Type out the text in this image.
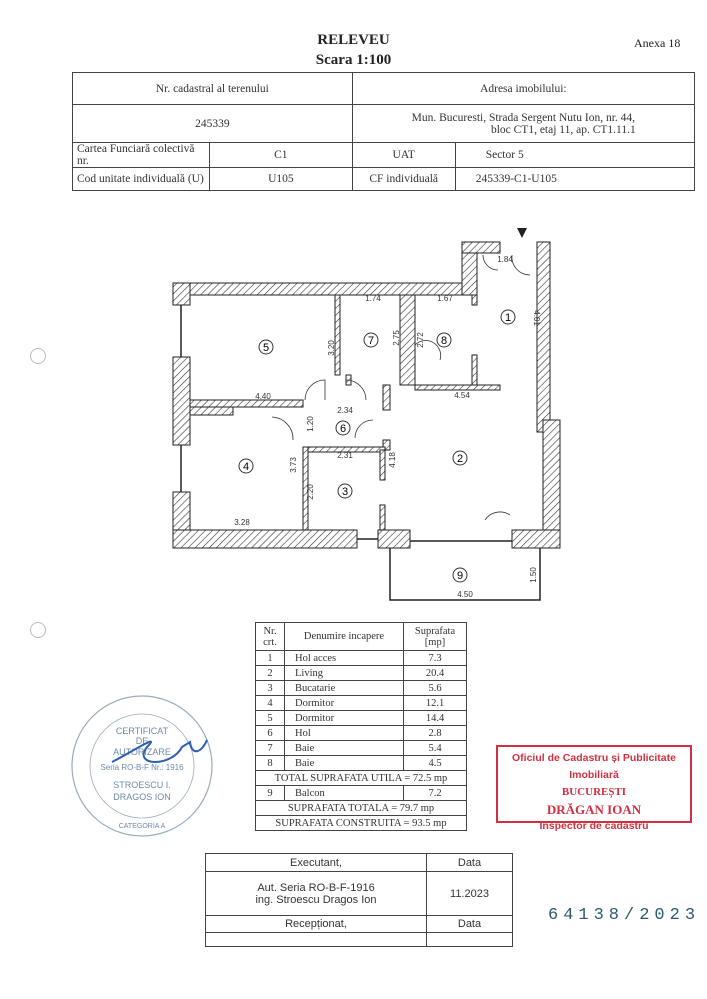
RELEVEU
Scara 1:100
Anexa 18
Nr. cadastral al terenului		Adresa imobilului:	
245339		Mun. Bucuresti, Strada Sergent Nutu Ion, nr. 44,
bloc CT1, etaj 11, ap. CT1.11.1	

Cartea Funciară colectivă nr.	C1	UAT	Sector 5
Cod unitate individuală (U)	U105	CF individuală	245339-C1-U105
1
2
3
4
5
6
7	8
9
1.84
4.01
1.74	1.67
3.20
2.75 2.72
4.40	4.54
2.34
1.20
2.31
3.73
2.20
4.18
3.28
1.50
4.50
Nr. crt.	Denumire incapere	Suprafata [mp]
1	Hol acces	7.3
2	Living	20.4
3	Bucatarie	5.6
4	Dormitor	12.1
5	Dormitor	14.4
6	Hol	2.8
7	Baie	5.4
8	Baie	4.5
TOTAL SUPRAFATA UTILA = 72.5 mp		
9	Balcon	7.2
SUPRAFATA TOTALA = 79.7 mp		
SUPRAFATA CONSTRUITA = 93.5 mp		
CERTIFICAT
DE
AUTORIZARE
Seria RO-B-F Nr.: 1916
STROESCU I.
DRAGOS ION
CATEGORIA A
Oficiul de Cadastru și Publicitate Imobiliară
BUCUREȘTI
DRĂGAN IOAN
Inspector de cadastru
Executant,	Data

Aut. Seria RO-B-F-1916
ing. Stroescu Dragos Ion	11.2023
Recepționat,	Data
		64138/2023
